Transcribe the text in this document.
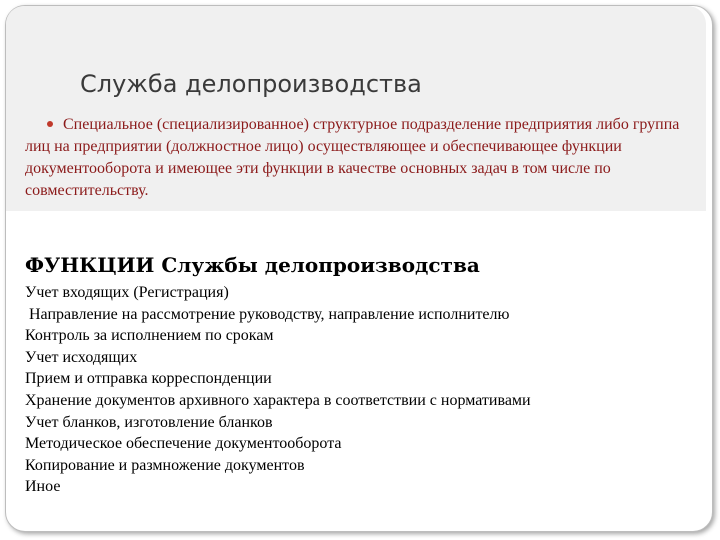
Служба делопроизводства

Специальное (специализированное) структурное подразделение предприятия либо группа лиц на предприятии (должностное лицо) осуществляющее и обеспечивающее функции документооборота и имеющее эти функции в качестве основных задач в том числе по совместительству.

ФУНКЦИИ Службы делопроизводства
Учет входящих (Регистрация)
Направление на рассмотрение руководству, направление исполнителю
Контроль за исполнением по срокам
Учет исходящих
Прием и отправка корреспонденции
Хранение документов архивного характера в соответствии с нормативами
Учет бланков, изготовление бланков
Методическое обеспечение документооборота
Копирование и размножение документов
Иное
